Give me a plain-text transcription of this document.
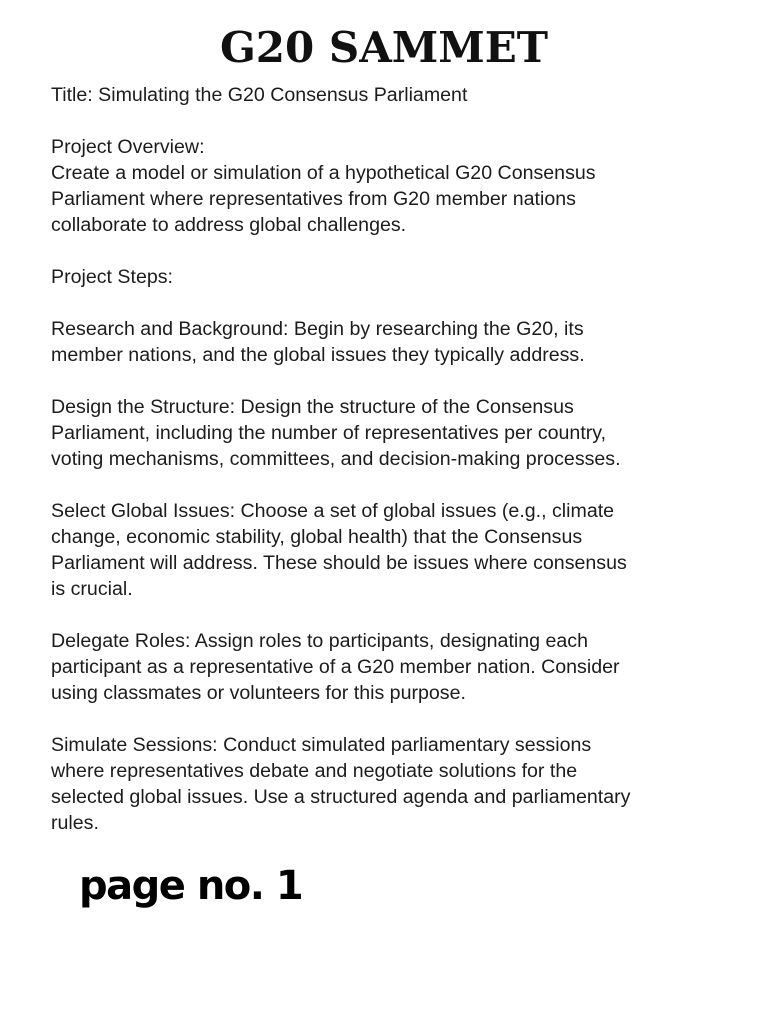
G20 SAMMET

Title: Simulating the G20 Consensus Parliament

Project Overview:
Create a model or simulation of a hypothetical G20 Consensus
Parliament where representatives from G20 member nations
collaborate to address global challenges.

Project Steps:

Research and Background: Begin by researching the G20, its
member nations, and the global issues they typically address.

Design the Structure: Design the structure of the Consensus
Parliament, including the number of representatives per country,
voting mechanisms, committees, and decision-making processes.

Select Global Issues: Choose a set of global issues (e.g., climate
change, economic stability, global health) that the Consensus
Parliament will address. These should be issues where consensus
is crucial.

Delegate Roles: Assign roles to participants, designating each
participant as a representative of a G20 member nation. Consider
using classmates or volunteers for this purpose.

Simulate Sessions: Conduct simulated parliamentary sessions
where representatives debate and negotiate solutions for the
selected global issues. Use a structured agenda and parliamentary
rules.

page no. 1
